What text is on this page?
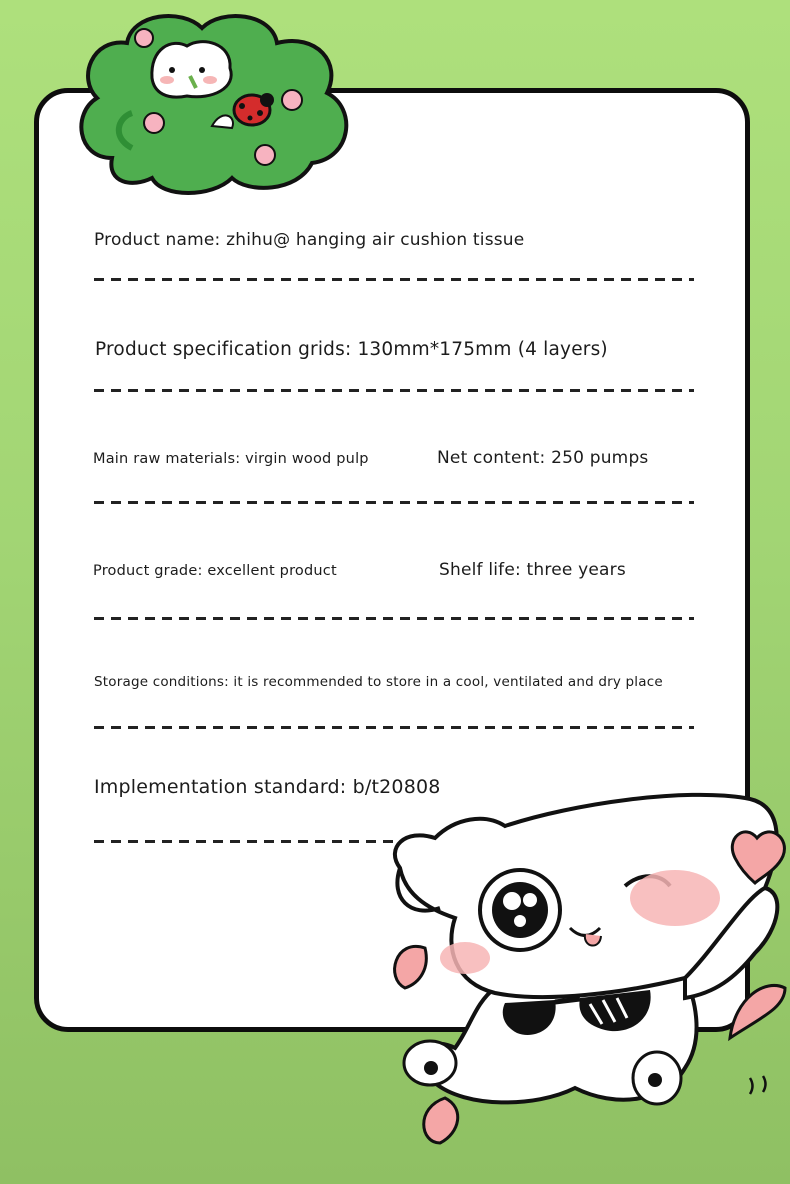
Product name: zhihu@ hanging air cushion tissue
Product specification grids: 130mm*175mm (4 layers)
Main raw materials: virgin wood pulp	Net content: 250 pumps
Product grade: excellent product	Shelf life: three years
Storage conditions: it is recommended to store in a cool, ventilated and dry place
Implementation standard: b/t20808
